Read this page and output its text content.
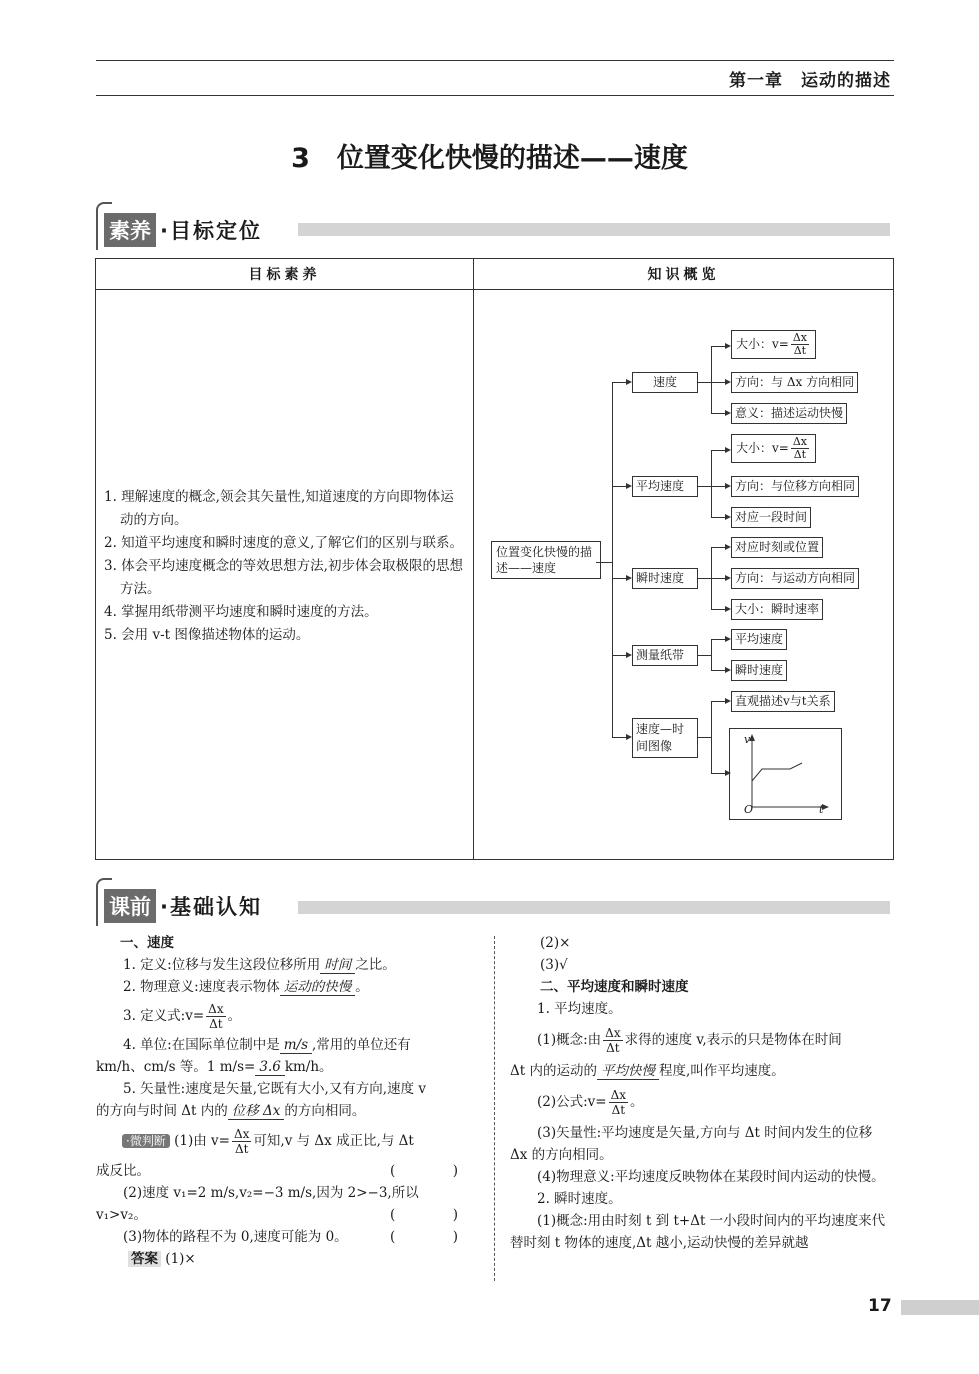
第一章　运动的描述
3　位置变化快慢的描述——速度
素养 ·目标定位
目标素养	知识概览

1. 理解速度的概念,领会其矢量性,知道速度的方向即物体运动的方向。
2. 知道平均速度和瞬时速度的意义,了解它们的区别与联系。
3. 体会平均速度概念的等效思想方法,初步体会取极限的思想方法。
4. 掌握用纸带测平均速度和瞬时速度的方法。
5. 会用 v-t 图像描述物体的运动。
位置变化快慢的描述——速度
速度
平均速度
瞬时速度
测量纸带
速度—时间图像
大小：$v= \frac{\Delta x}{\Delta t}$
方向：与 Δx 方向相同
意义：描述运动快慢
大小：$v= \frac{\Delta x}{\Delta t}$
方向：与位移方向相同
对应一段时间
对应时刻或位置
方向：与运动方向相同
大小：瞬时速率
平均速度
瞬时速度
直观描述v与t关系
v
O	t
课前 ·基础认知

一、速度

1. 定义:位移与发生这段位移所用 时间 之比。

2. 物理意义:速度表示物体 运动的快慢 。

3. 定义式:v= $\frac{\Delta x}{\Delta t}$ 。

4. 单位:在国际单位制中是 m/s ,常用的单位还有

km/h、cm/s 等。1 m/s= 3.6 km/h。

5. 矢量性:速度是矢量,它既有大小,又有方向,速度 v

的方向与时间 Δt 内的 位移 Δx 的方向相同。

·微判断 (1)由 $v= \frac{\Delta x}{\Delta t}$ 可知,v 与 Δx 成正比,与 Δt

成反比。	(　)

(2)速度 v₁=2 m/s,v₂=−3 m/s,因为 2>−3,所以

v₁>v₂。	(　)

(3)物体的路程不为 0,速度可能为 0。	(　)

答案 (1)×

(2)×

(3)√

二、平均速度和瞬时速度

1. 平均速度。

(1)概念:由 $\frac{\Delta x}{\Delta t}$ 求得的速度 v,表示的只是物体在时间

Δt 内的运动的 平均快慢 程度,叫作平均速度。

(2)公式:v= $\frac{\Delta x}{\Delta t}$ 。

(3)矢量性:平均速度是矢量,方向与 Δt 时间内发生的位移 Δx 的方向相同。

(4)物理意义:平均速度反映物体在某段时间内运动的快慢。

2. 瞬时速度。

(1)概念:用由时刻 t 到 t+Δt 一小段时间内的平均速度来代替时刻 t 物体的速度,Δt 越小,运动快慢的差异就越

17
